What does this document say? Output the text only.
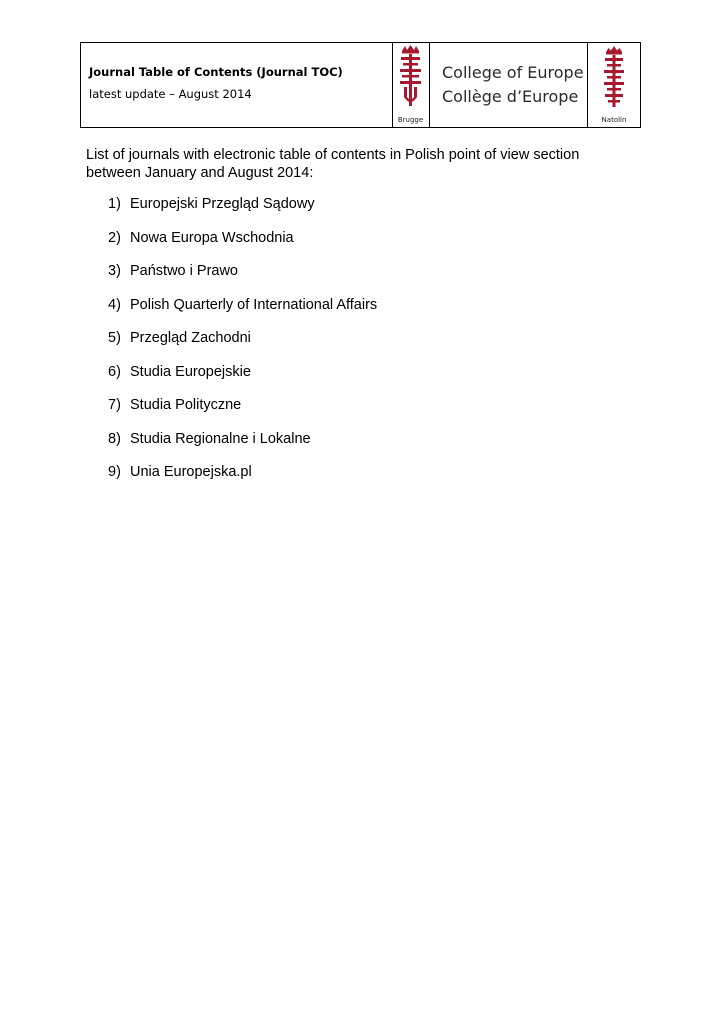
Journal Table of Contents (Journal TOC)
latest update – August 2014
Brugge
College of Europe
Collège d’Europe
Natolin
List of journals with electronic table of contents in Polish point of view section between January and August 2014:
1) Europejski Przegląd Sądowy
2) Nowa Europa Wschodnia
3) Państwo i Prawo
4) Polish Quarterly of International Affairs
5) Przegląd Zachodni
6) Studia Europejskie
7) Studia Polityczne
8) Studia Regionalne i Lokalne
9) Unia Europejska.pl
